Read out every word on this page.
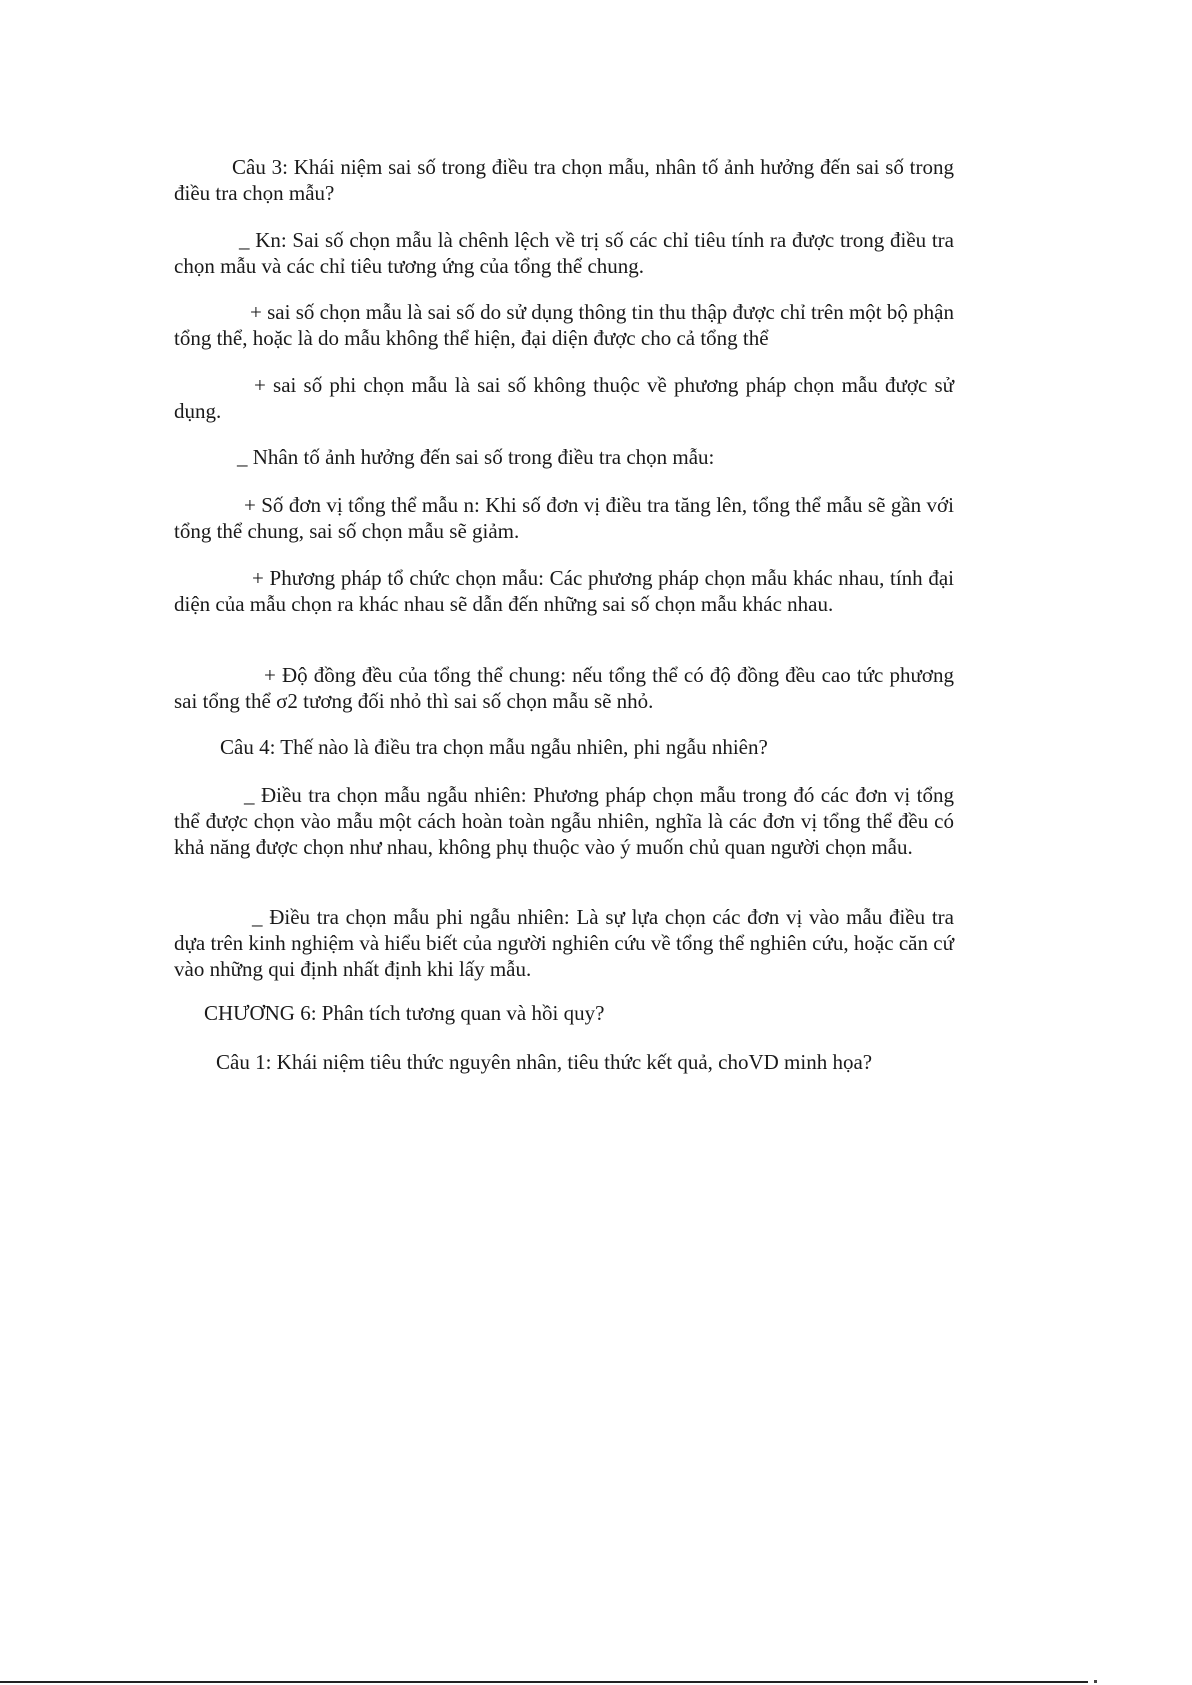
Câu 3: Khái niệm sai số trong điều tra chọn mẫu, nhân tố ảnh hưởng đến sai số trong điều tra chọn mẫu?

_ Kn: Sai số chọn mẫu là chênh lệch về trị số các chỉ tiêu tính ra được trong điều tra chọn mẫu và các chỉ tiêu tương ứng của tổng thể chung.

+ sai số chọn mẫu là sai số do sử dụng thông tin thu thập được chỉ trên một bộ phận tổng thể, hoặc là do mẫu không thể hiện, đại diện được cho cả tổng thể

+ sai số phi chọn mẫu là sai số không thuộc về phương pháp chọn mẫu được sử dụng.

_ Nhân tố ảnh hưởng đến sai số trong điều tra chọn mẫu:

+ Số đơn vị tổng thể mẫu n: Khi số đơn vị điều tra tăng lên, tổng thể mẫu sẽ gần với tổng thể chung, sai số chọn mẫu sẽ giảm.

+ Phương pháp tổ chức chọn mẫu: Các phương pháp chọn mẫu khác nhau, tính đại diện của mẫu chọn ra khác nhau sẽ dẫn đến những sai số chọn mẫu khác nhau.

+ Độ đồng đều của tổng thể chung: nếu tổng thể có độ đồng đều cao tức phương sai tổng thể σ2 tương đối nhỏ thì sai số chọn mẫu sẽ nhỏ.

Câu 4: Thế nào là điều tra chọn mẫu ngẫu nhiên, phi ngẫu nhiên?

_ Điều tra chọn mẫu ngẫu nhiên: Phương pháp chọn mẫu trong đó các đơn vị tổng thể được chọn vào mẫu một cách hoàn toàn ngẫu nhiên, nghĩa là các đơn vị tổng thể đều có khả năng được chọn như nhau, không phụ thuộc vào ý muốn chủ quan người chọn mẫu.

_ Điều tra chọn mẫu phi ngẫu nhiên: Là sự lựa chọn các đơn vị vào mẫu điều tra dựa trên kinh nghiệm và hiểu biết của người nghiên cứu về tổng thể nghiên cứu, hoặc căn cứ vào những qui định nhất định khi lấy mẫu.

CHƯƠNG 6: Phân tích tương quan và hồi quy?

Câu 1: Khái niệm tiêu thức nguyên nhân, tiêu thức kết quả, choVD minh họa?
